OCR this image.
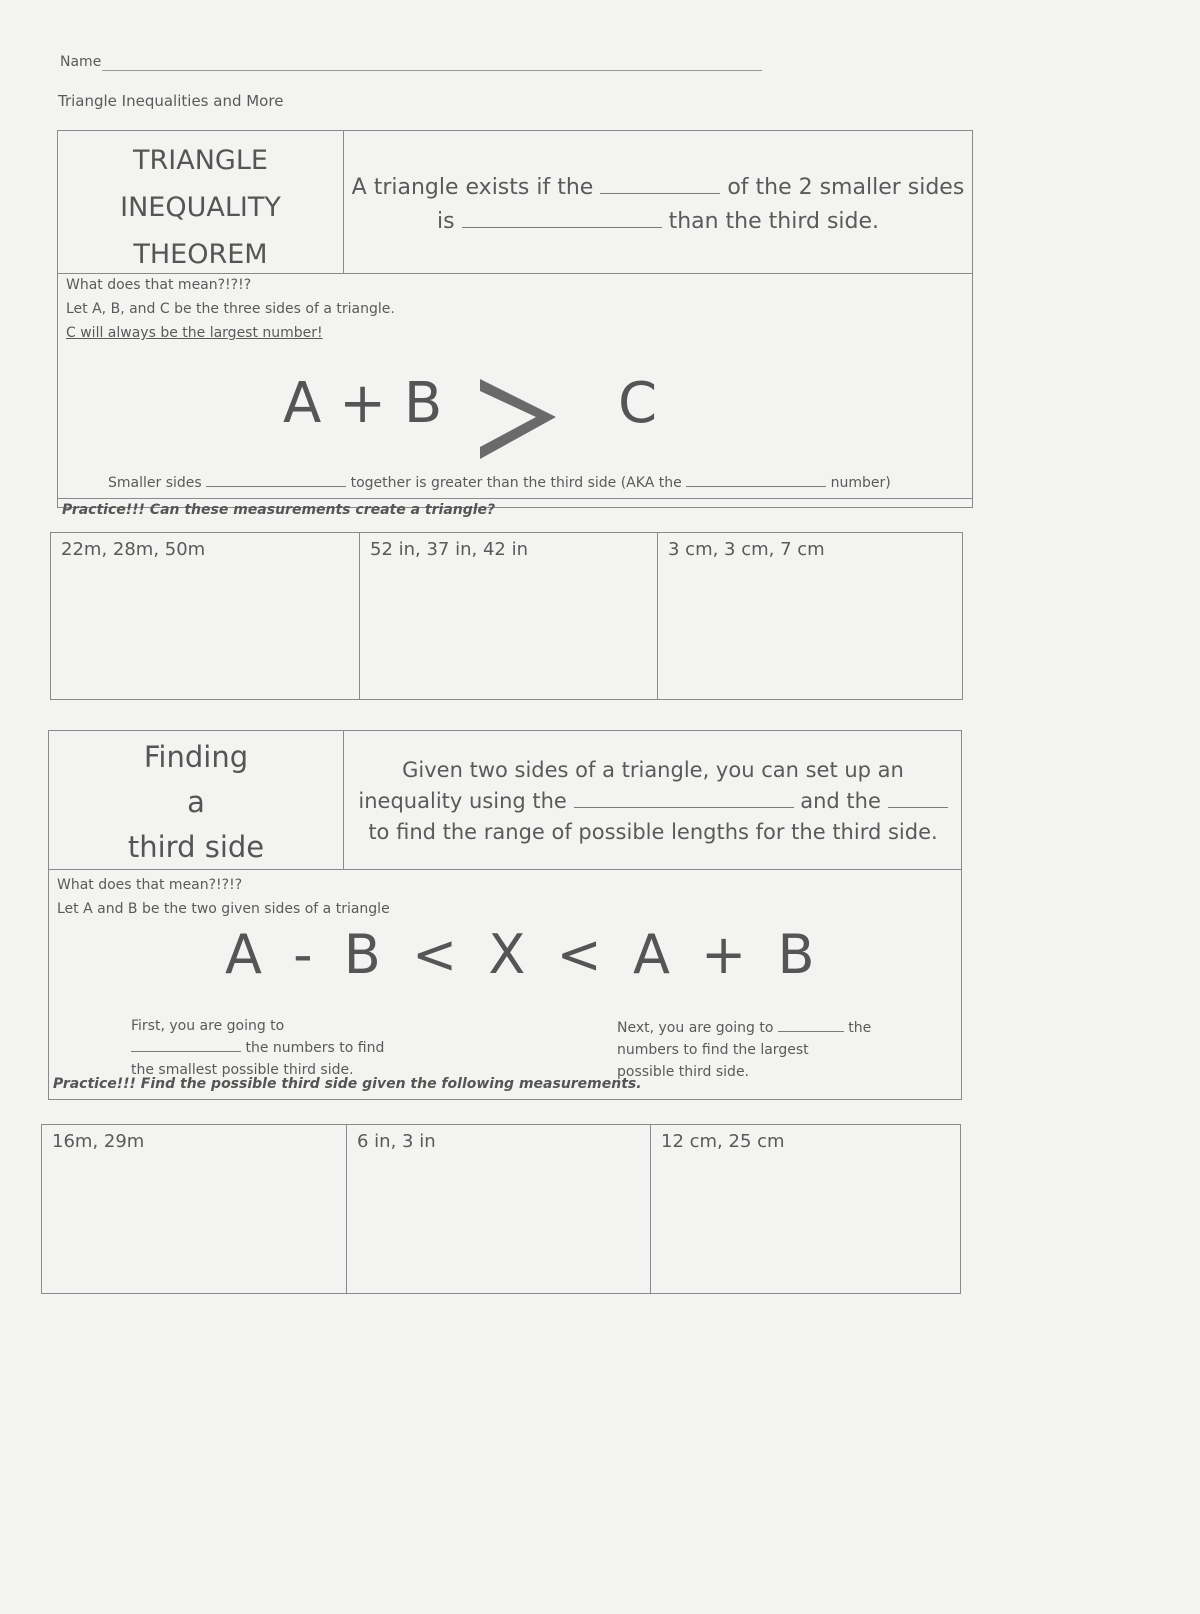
Name
Triangle Inequalities and More
TRIANGLE
INEQUALITY
THEOREM
A triangle exists if the	of the 2 smaller sides
is	than the third side.
What does that mean?!?!?
Let A, B, and C be the three sides of a triangle.
C will always be the largest number!
A + B	> C
Smaller sides	together is greater than the third side (AKA the	number)
Practice!!! Can these measurements create a triangle?
22m, 28m, 50m	52 in, 37 in, 42 in	3 cm, 3 cm, 7 cm
Finding
a
third side
Given two sides of a triangle, you can set up an
inequality using the	and the
to find the range of possible lengths for the third side.
What does that mean?!?!?
Let A and B be the two given sides of a triangle
A - B < X < A + B
First, you are going to
the numbers to find
the smallest possible third side.
Next, you are going to	the
numbers to find the largest
possible third side.
Practice!!! Find the possible third side given the following measurements.
16m, 29m	6 in, 3 in	12 cm, 25 cm
